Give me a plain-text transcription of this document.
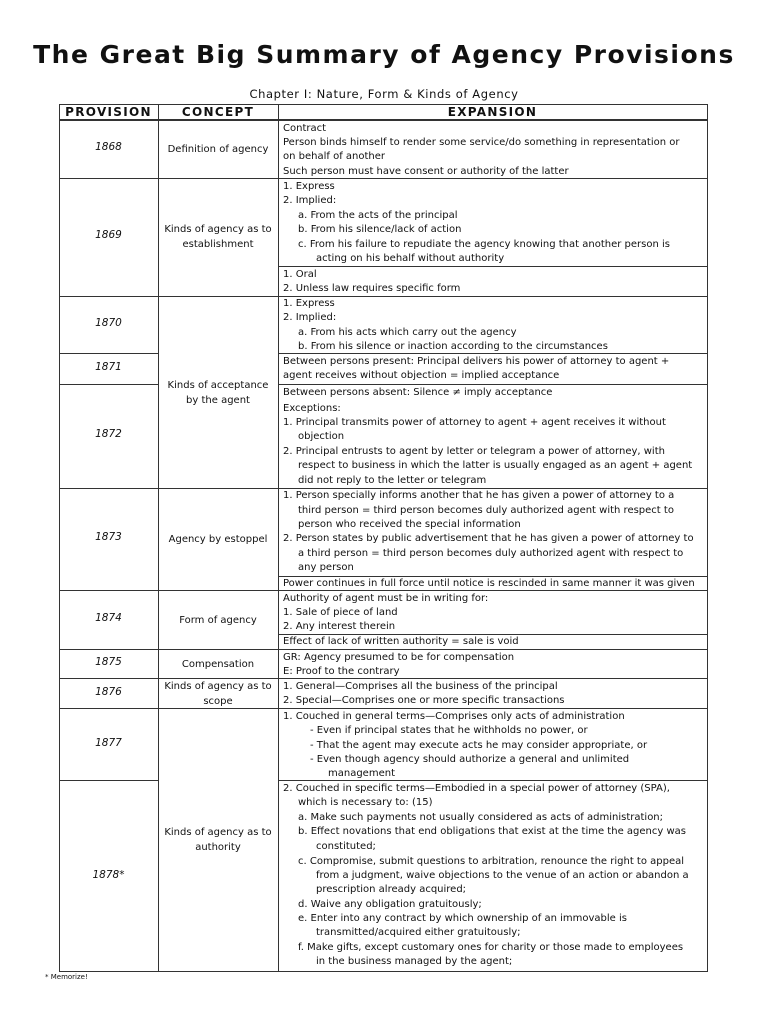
The Great Big Summary of Agency Provisions
Chapter I: Nature, Form & Kinds of Agency
PROVISION	CONCEPT	EXPANSION
1868
1869
1870
1871
1872
1873
1874
1875
1876
1877
1878*
Definition of agency
Kinds of agency as to establishment
Kinds of acceptance by the agent
Agency by estoppel
Form of agency
Compensation
Kinds of agency as to scope
Kinds of agency as to authority
Contract
Person binds himself to render some service/do something in representation or
on behalf of another
Such person must have consent or authority of the latter
1. Express
2. Implied:
a. From the acts of the principal
b. From his silence/lack of action
c. From his failure to repudiate the agency knowing that another person is
acting on his behalf without authority
1. Oral
2. Unless law requires specific form
1. Express
2. Implied:
a. From his acts which carry out the agency
b. From his silence or inaction according to the circumstances
Between persons present: Principal delivers his power of attorney to agent +
agent receives without objection = implied acceptance
Between persons absent: Silence ≠ imply acceptance
Exceptions:
1. Principal transmits power of attorney to agent + agent receives it without
objection
2. Principal entrusts to agent by letter or telegram a power of attorney, with
respect to business in which the latter is usually engaged as an agent + agent
did not reply to the letter or telegram
1. Person specially informs another that he has given a power of attorney to a
third person = third person becomes duly authorized agent with respect to
person who received the special information
2. Person states by public advertisement that he has given a power of attorney to
a third person = third person becomes duly authorized agent with respect to
any person
Power continues in full force until notice is rescinded in same manner it was given
Authority of agent must be in writing for:
1. Sale of piece of land
2. Any interest therein
Effect of lack of written authority = sale is void
GR: Agency presumed to be for compensation
E: Proof to the contrary
1. General—Comprises all the business of the principal
2. Special—Comprises one or more specific transactions
1. Couched in general terms—Comprises only acts of administration
- Even if principal states that he withholds no power, or
- That the agent may execute acts he may consider appropriate, or
- Even though agency should authorize a general and unlimited
management
2. Couched in specific terms—Embodied in a special power of attorney (SPA),
which is necessary to: (15)
a. Make such payments not usually considered as acts of administration;
b. Effect novations that end obligations that exist at the time the agency was
constituted;
c. Compromise, submit questions to arbitration, renounce the right to appeal
from a judgment, waive objections to the venue of an action or abandon a
prescription already acquired;
d. Waive any obligation gratuitously;
e. Enter into any contract by which ownership of an immovable is
transmitted/acquired either gratuitously;
f. Make gifts, except customary ones for charity or those made to employees
in the business managed by the agent;
* Memorize!
